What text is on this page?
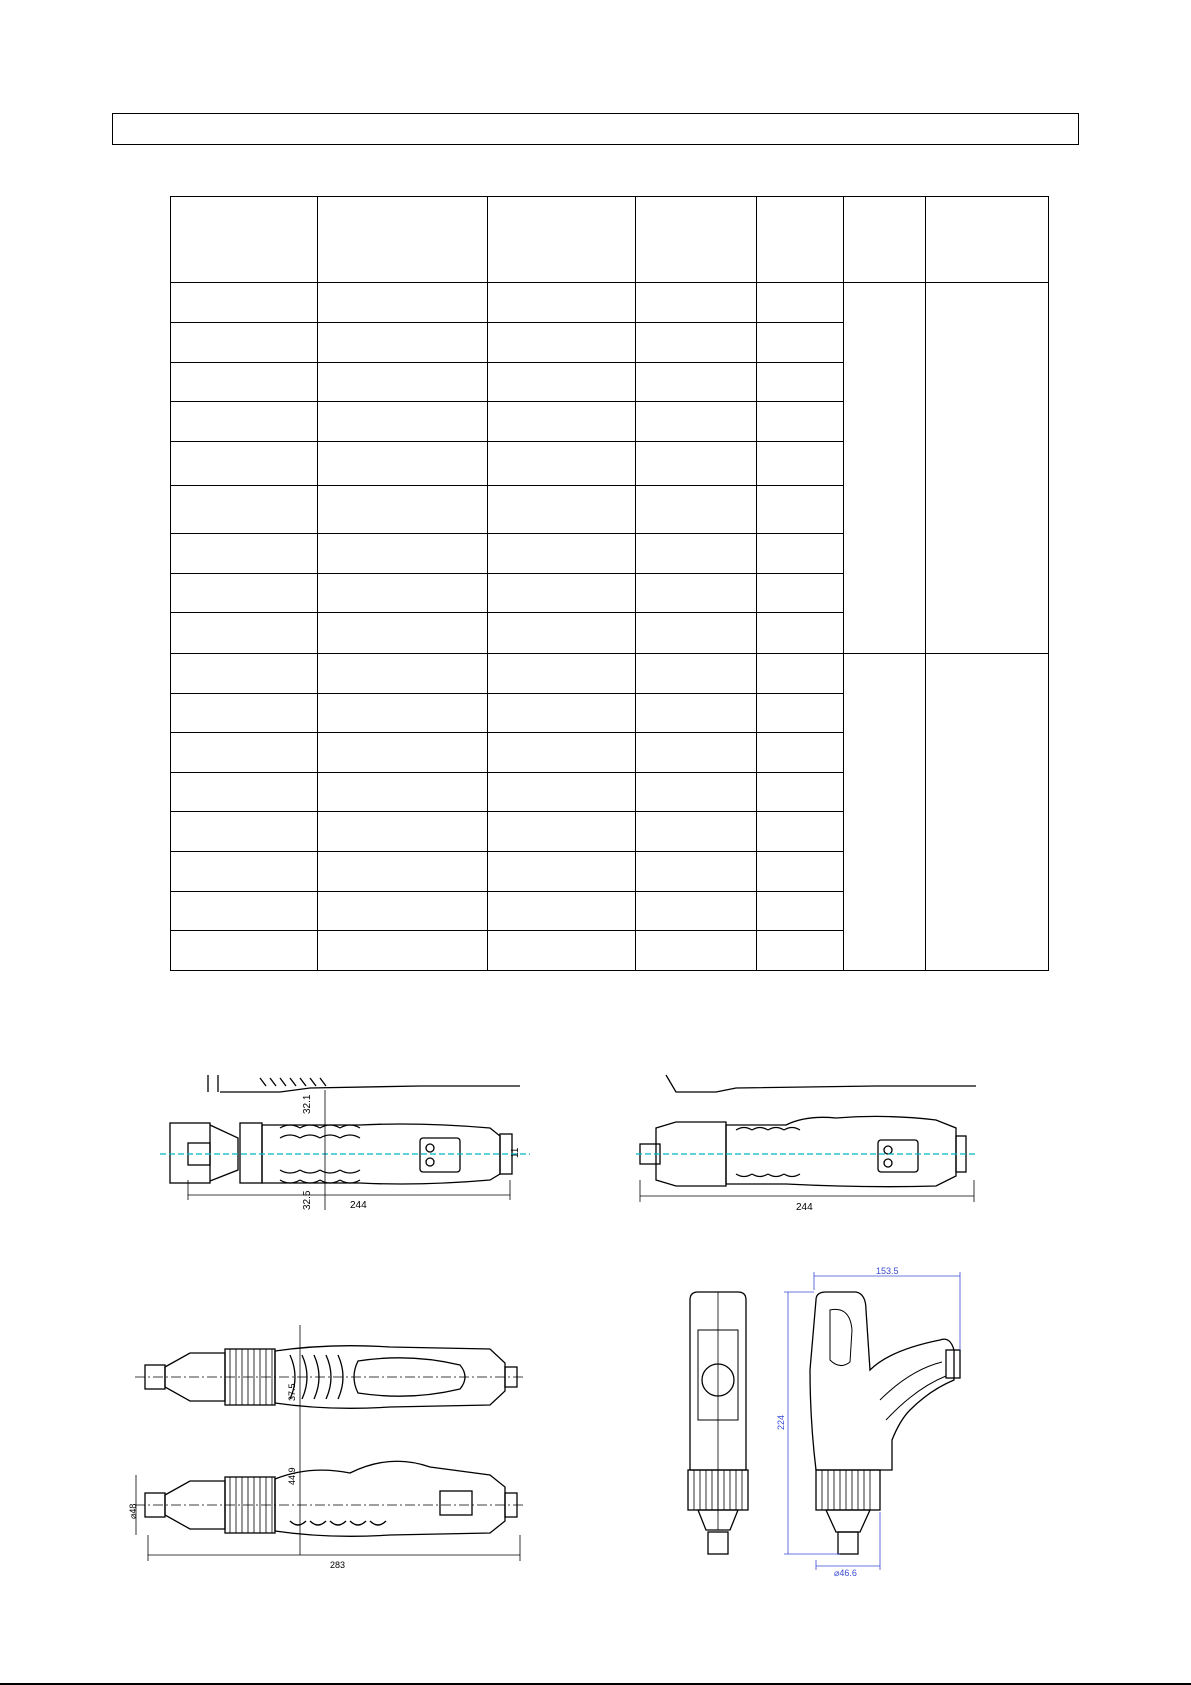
244
32.1
32.5
11
244
⌀48
37.5
44.9
283
153.5
224
⌀46.6
